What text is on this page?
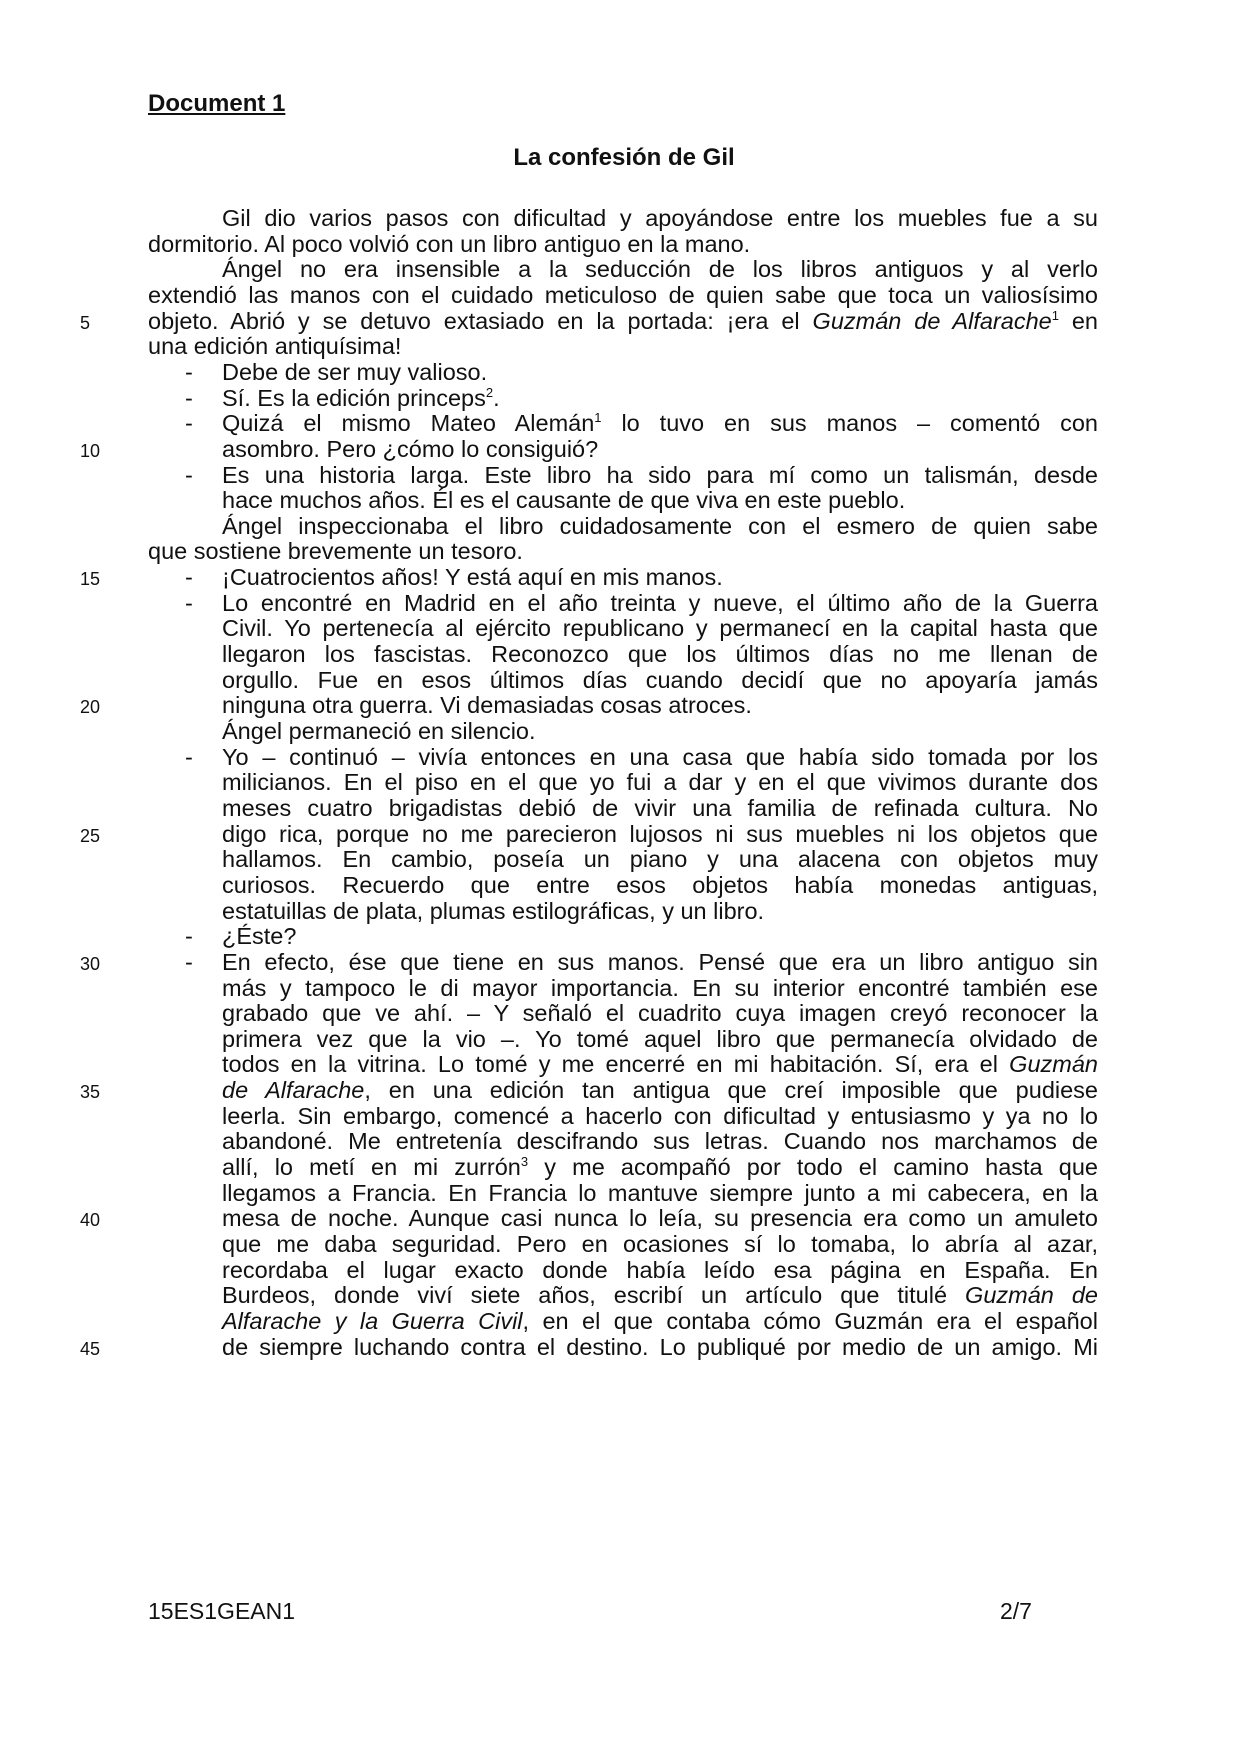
Document 1
La confesión de Gil
Gil dio varios pasos con dificultad y apoyándose entre los muebles fue a su
dormitorio. Al poco volvió con un libro antiguo en la mano.
Ángel no era insensible a la seducción de los libros antiguos y al verlo
extendió las manos con el cuidado meticuloso de quien sabe que toca un valiosísimo
objeto. Abrió y se detuvo extasiado en la portada: ¡era el Guzmán de Alfarache$^1$ en
una edición antiquísima!
Debe de ser muy valioso.
-
Sí. Es la edición princeps$^2$.
-
Quizá el mismo Mateo Alemán$^1$ lo tuvo en sus manos – comentó con
-
asombro. Pero ¿cómo lo consiguió?
Es una historia larga. Este libro ha sido para mí como un talismán, desde
-
hace muchos años. Él es el causante de que viva en este pueblo.
Ángel inspeccionaba el libro cuidadosamente con el esmero de quien sabe
que sostiene brevemente un tesoro.
¡Cuatrocientos años! Y está aquí en mis manos.
-
Lo encontré en Madrid en el año treinta y nueve, el último año de la Guerra
-
Civil. Yo pertenecía al ejército republicano y permanecí en la capital hasta que
llegaron los fascistas. Reconozco que los últimos días no me llenan de
orgullo. Fue en esos últimos días cuando decidí que no apoyaría jamás
ninguna otra guerra. Vi demasiadas cosas atroces.
Ángel permaneció en silencio.
Yo – continuó – vivía entonces en una casa que había sido tomada por los
-
milicianos. En el piso en el que yo fui a dar y en el que vivimos durante dos
meses cuatro brigadistas debió de vivir una familia de refinada cultura. No
digo rica, porque no me parecieron lujosos ni sus muebles ni los objetos que
hallamos. En cambio, poseía un piano y una alacena con objetos muy
curiosos. Recuerdo que entre esos objetos había monedas antiguas,
estatuillas de plata, plumas estilográficas, y un libro.
¿Éste?
-
En efecto, ése que tiene en sus manos. Pensé que era un libro antiguo sin
-
más y tampoco le di mayor importancia. En su interior encontré también ese
grabado que ve ahí. – Y señaló el cuadrito cuya imagen creyó reconocer la
primera vez que la vio –. Yo tomé aquel libro que permanecía olvidado de
todos en la vitrina. Lo tomé y me encerré en mi habitación. Sí, era el Guzmán
de Alfarache, en una edición tan antigua que creí imposible que pudiese
leerla. Sin embargo, comencé a hacerlo con dificultad y entusiasmo y ya no lo
abandoné. Me entretenía descifrando sus letras. Cuando nos marchamos de
allí, lo metí en mi zurrón$^3$ y me acompañó por todo el camino hasta que
llegamos a Francia. En Francia lo mantuve siempre junto a mi cabecera, en la
mesa de noche. Aunque casi nunca lo leía, su presencia era como un amuleto
que me daba seguridad. Pero en ocasiones sí lo tomaba, lo abría al azar,
recordaba el lugar exacto donde había leído esa página en España. En
Burdeos, donde viví siete años, escribí un artículo que titulé Guzmán de
Alfarache y la Guerra Civil, en el que contaba cómo Guzmán era el español
de siempre luchando contra el destino. Lo publiqué por medio de un amigo. Mi
5
10
15
20
25
30
35
40
45
15ES1GEAN1	2/7
